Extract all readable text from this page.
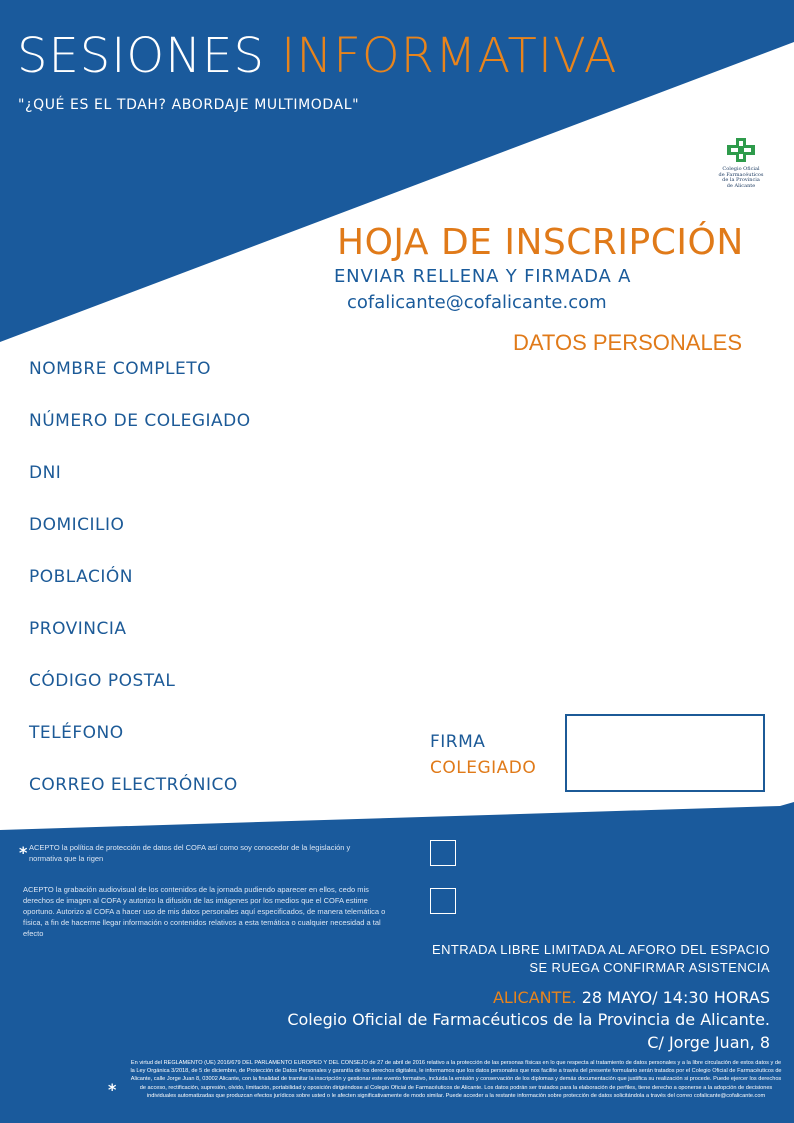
SESIONES INFORMATIVA
"¿QUÉ ES EL TDAH? ABORDAJE MULTIMODAL"
Colegio Oficial
de Farmacéuticos
de la Provincia
de Alicante
HOJA DE INSCRIPCIÓN
ENVIAR RELLENA Y FIRMADA A
cofalicante@cofalicante.com
DATOS PERSONALES
NOMBRE COMPLETO
NÚMERO DE COLEGIADO
DNI
DOMICILIO
POBLACIÓN
PROVINCIA
CÓDIGO POSTAL
TELÉFONO
CORREO ELECTRÓNICO
FIRMA
COLEGIADO
* ACEPTO la política de protección de datos del COFA así como soy conocedor de la legislación y normativa que la rigen
ACEPTO la grabación audiovisual de los contenidos de la jornada pudiendo aparecer en ellos, cedo mis derechos de imagen al COFA y autorizo la difusión de las imágenes por los medios que el COFA estime oportuno. Autorizo al COFA a hacer uso de mis datos personales aquí especificados, de manera telemática o física, a fin de hacerme llegar información o contenidos relativos a esta temática o cualquier necesidad a tal efecto
ENTRADA LIBRE LIMITADA AL AFORO DEL ESPACIO
SE RUEGA CONFIRMAR ASISTENCIA
ALICANTE. 28 MAYO/ 14:30 HORAS
Colegio Oficial de Farmacéuticos de la Provincia de Alicante.
C/ Jorge Juan, 8
*
En virtud del REGLAMENTO (UE) 2016/679 DEL PARLAMENTO EUROPEO Y DEL CONSEJO de 27 de abril de 2016 relativo a la protección de las personas físicas en lo que respecta al tratamiento de datos personales y a la libre circulación de estos datos y de la Ley Orgánica 3/2018, de 5 de diciembre, de Protección de Datos Personales y garantía de los derechos digitales, le informamos que los datos personales que nos facilite a través del presente formulario serán tratados por el Colegio Oficial de Farmacéuticos de Alicante, calle Jorge Juan 8, 03002 Alicante, con la finalidad de tramitar la inscripción y gestionar este evento formativo, incluida la emisión y conservación de los diplomas y demás documentación que justifica su realización si procede. Puede ejercer los derechos de acceso, rectificación, supresión, olvido, limitación, portabilidad y oposición dirigiéndose al Colegio Oficial de Farmacéuticos de Alicante. Los datos podrán ser tratados para la elaboración de perfiles, tiene derecho a oponerse a la adopción de decisiones individuales automatizadas que produzcan efectos jurídicos sobre usted o le afecten significativamente de modo similar. Puede acceder a la restante información sobre protección de datos solicitándola a través del correo cofalicante@cofalicante.com
